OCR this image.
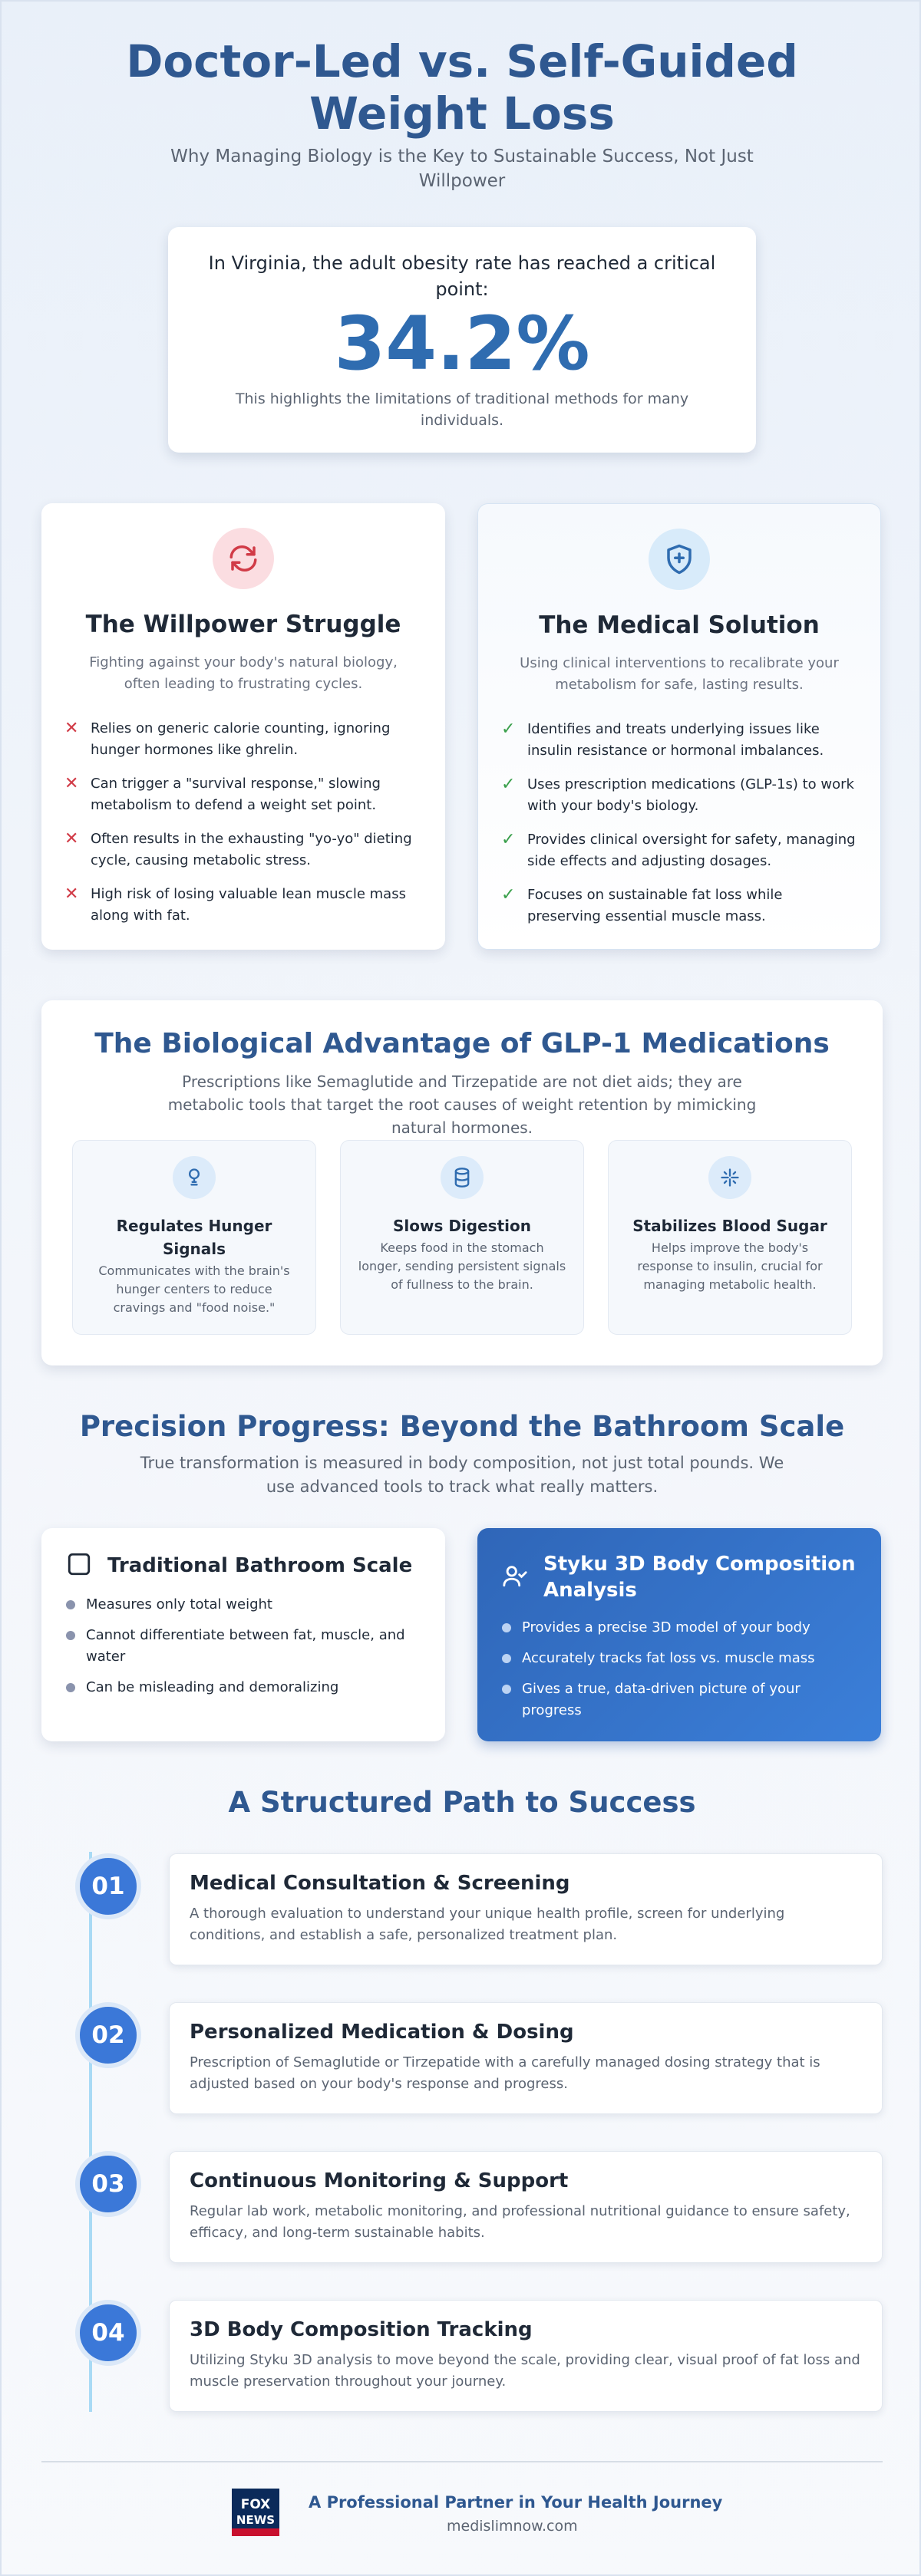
Doctor-Led vs. Self-Guided
Weight Loss

Why Managing Biology is the Key to Sustainable Success, Not Just Willpower

In Virginia, the adult obesity rate has reached a critical point:

34.2%

This highlights the limitations of traditional methods for many individuals.

The Willpower Struggle

Fighting against your body's natural biology, often leading to frustrating cycles.

✕ Relies on generic calorie counting, ignoring hunger hormones like ghrelin.
✕ Can trigger a "survival response," slowing metabolism to defend a weight set point.
✕ Often results in the exhausting "yo-yo" dieting cycle, causing metabolic stress.
✕ High risk of losing valuable lean muscle mass along with fat.
The Medical Solution

Using clinical interventions to recalibrate your metabolism for safe, lasting results.

✓ Identifies and treats underlying issues like insulin resistance or hormonal imbalances.
✓ Uses prescription medications (GLP-1s) to work with your body's biology.
✓ Provides clinical oversight for safety, managing side effects and adjusting dosages.
✓ Focuses on sustainable fat loss while preserving essential muscle mass.
The Biological Advantage of GLP-1 Medications

Prescriptions like Semaglutide and Tirzepatide are not diet aids; they are metabolic tools that target the root causes of weight retention by mimicking natural hormones.

Regulates Hunger Signals

Communicates with the brain's hunger centers to reduce cravings and "food noise."

Slows Digestion

Keeps food in the stomach longer, sending persistent signals of fullness to the brain.

Stabilizes Blood Sugar

Helps improve the body's response to insulin, crucial for managing metabolic health.

Precision Progress: Beyond the Bathroom Scale

True transformation is measured in body composition, not just total pounds. We use advanced tools to track what really matters.

Traditional Bathroom Scale
Measures only total weight
Cannot differentiate between fat, muscle, and water
Can be misleading and demoralizing
Styku 3D Body Composition Analysis
Provides a precise 3D model of your body
Accurately tracks fat loss vs. muscle mass
Gives a true, data-driven picture of your progress
A Structured Path to Success
01	Medical Consultation & Screening

A thorough evaluation to understand your unique health profile, screen for underlying conditions, and establish a safe, personalized treatment plan.

02	Personalized Medication & Dosing

Prescription of Semaglutide or Tirzepatide with a carefully managed dosing strategy that is adjusted based on your body's response and progress.

03	Continuous Monitoring & Support

Regular lab work, metabolic monitoring, and professional nutritional guidance to ensure safety, efficacy, and long-term sustainable habits.

04	3D Body Composition Tracking

Utilizing Styku 3D analysis to move beyond the scale, providing clear, visual proof of fat loss and muscle preservation throughout your journey.

FOX
NEWS
A Professional Partner in Your Health Journey
medislimnow.com
